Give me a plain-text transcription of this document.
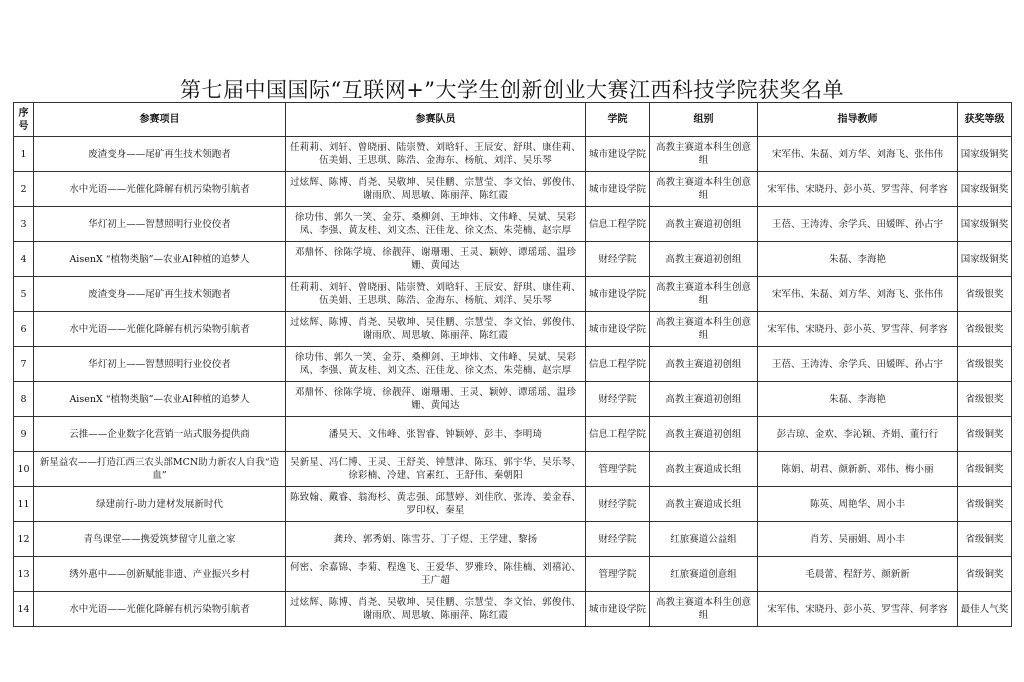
第七届中国国际“互联网+”大学生创新创业大赛江西科技学院获奖名单
序号	参赛项目	参赛队员	学院	组别	指导教师	获奖等级
1	废渣变身——尾矿再生技术领跑者	任莉莉、刘轩、曾晓丽、陆崇赞、刘晗轩、王辰安、舒琪、康佳莉、伍美娟、王思琪、陈浩、金海东、杨航、刘洋、吴乐琴	城市建设学院	高教主赛道本科生创意组	宋军伟、朱磊、刘方华、刘海飞、张伟伟	国家级铜奖
2	水中光语——光催化降解有机污染物引航者	过炫辉、陈博、肖尧、吴敬坤、吴佳鹏、宗慧莹、李文怡、郭俊伟、谢雨欣、周思敏、陈丽萍、陈红霞	城市建设学院	高教主赛道本科生创意组	宋军伟、宋晓丹、彭小英、罗雪萍、何孝容	国家级铜奖
3	华灯初上——智慧照明行业佼佼者	徐功伟、郭久一笑、金芬、桑柳剑、王坤炜、文伟峰、吴斌、吴彩凤、李强、黄友桂、刘文杰、汪佳龙、徐文杰、朱莞楠、赵宗厚	信息工程学院	高教主赛道初创组	王蓓、王涛涛、余学兵、田媛晖、孙占宇	国家级铜奖
4	AisenX “植物类脑”—农业AI种植的追梦人	邓鼎怀、徐陈学境、徐靓萍、谢珊珊、王灵、颖婷、谭瑶瑶、温珍姗、黄闻达	财经学院	高教主赛道初创组	朱磊、李海艳	国家级铜奖
5	废渣变身——尾矿再生技术领跑者	任莉莉、刘轩、曾晓丽、陆崇赞、刘晗轩、王辰安、舒琪、康佳莉、伍美娟、王思琪、陈浩、金海东、杨航、刘洋、吴乐琴	城市建设学院	高教主赛道本科生创意组	宋军伟、朱磊、刘方华、刘海飞、张伟伟	省级银奖
6	水中光语——光催化降解有机污染物引航者	过炫辉、陈博、肖尧、吴敬坤、吴佳鹏、宗慧莹、李文怡、郭俊伟、谢雨欣、周思敏、陈丽萍、陈红霞	城市建设学院	高教主赛道本科生创意组	宋军伟、宋晓丹、彭小英、罗雪萍、何孝容	省级银奖
7	华灯初上——智慧照明行业佼佼者	徐功伟、郭久一笑、金芬、桑柳剑、王坤炜、文伟峰、吴斌、吴彩凤、李强、黄友桂、刘文杰、汪佳龙、徐文杰、朱莞楠、赵宗厚	信息工程学院	高教主赛道初创组	王蓓、王涛涛、余学兵、田媛晖、孙占宇	省级银奖
8	AisenX “植物类脑”—农业AI种植的追梦人	邓鼎怀、徐陈学境、徐靓萍、谢珊珊、王灵、颖婷、谭瑶瑶、温珍姗、黄闻达	财经学院	高教主赛道初创组	朱磊、李海艳	省级银奖
9	云推——企业数字化营销一站式服务提供商	潘昊天、文伟峰、张智睿、钟颖婷、彭丰、李明琦	信息工程学院	高教主赛道初创组	彭吉琼、金欢、李沁颖、齐娟、董行行	省级铜奖
10	新星益农——打造江西三农头部MCN助力新农人自我“造血”	吴新星、冯仁博、王灵、王舒美、钟慧津、陈珏、郭宇华、吴乐琴、徐彩楠、冷建、官素红、王舒伟、秦朝阳	管理学院	高教主赛道成长组	陈娟、胡君、颜新新、邓伟、梅小丽	省级铜奖
11	绿建前行-助力建材发展新时代	陈致翰、戴睿、翁海杉、黄志强、邱慧婷、刘佳欣、张涛、姜金春、罗印权、秦星	财经学院	高教主赛道成长组	陈英、周艳华、周小丰	省级铜奖
12	青鸟课堂——携爱筑梦留守儿童之家	龚玲、郭秀娟、陈雪芬、丁子煜、王学建、黎扬	财经学院	红旅赛道公益组	肖芳、吴丽娟、周小丰	省级铜奖
13	绣外惠中——创新赋能非遗、产业振兴乡村	何密、余嘉锦、李菊、程逸飞、王爱华、罗雅玲、陈佳楠、刘禧沁、王广超	管理学院	红旅赛道创意组	毛晨蕾、程舒芳、颜新新	省级铜奖
14	水中光语——光催化降解有机污染物引航者	过炫辉、陈博、肖尧、吴敬坤、吴佳鹏、宗慧莹、李文怡、郭俊伟、谢雨欣、周思敏、陈丽萍、陈红霞	城市建设学院	高教主赛道本科生创意组	宋军伟、宋晓丹、彭小英、罗雪萍、何孝容	最佳人气奖
